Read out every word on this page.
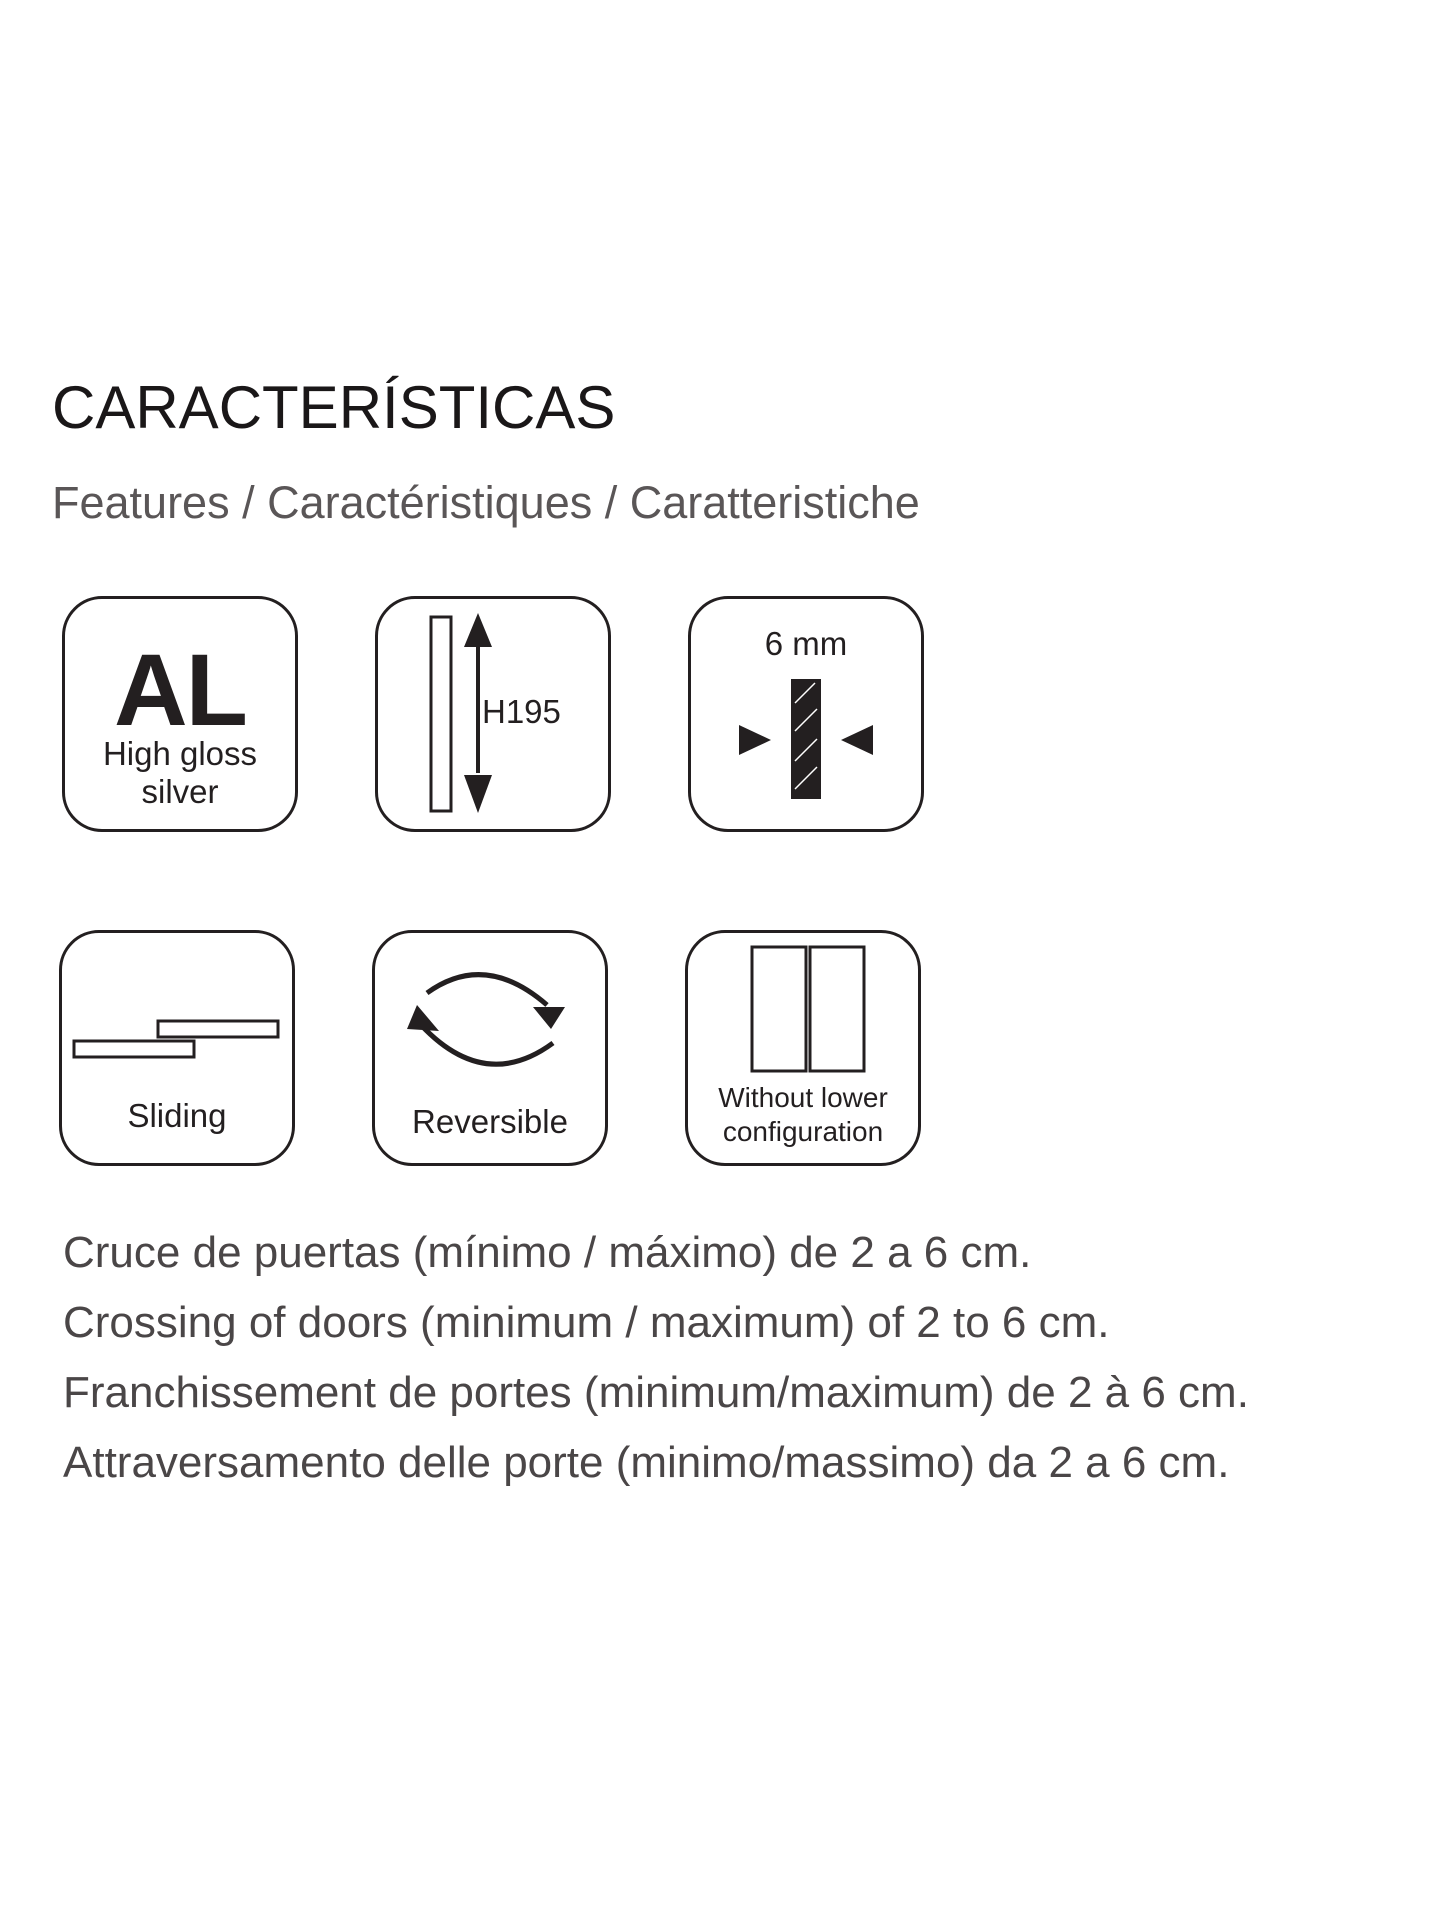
CARACTERÍSTICAS

Features / Caractéristiques / Caratteristiche

AL
High gloss
silver
H195
6 mm
Sliding	Reversible
Without lower
configuration

Cruce de puertas (mínimo / máximo) de 2 a 6 cm.

Crossing of doors (minimum / maximum) of 2 to 6 cm.

Franchissement de portes (minimum/maximum) de 2 à 6 cm.

Attraversamento delle porte (minimo/massimo) da 2 a 6 cm.
